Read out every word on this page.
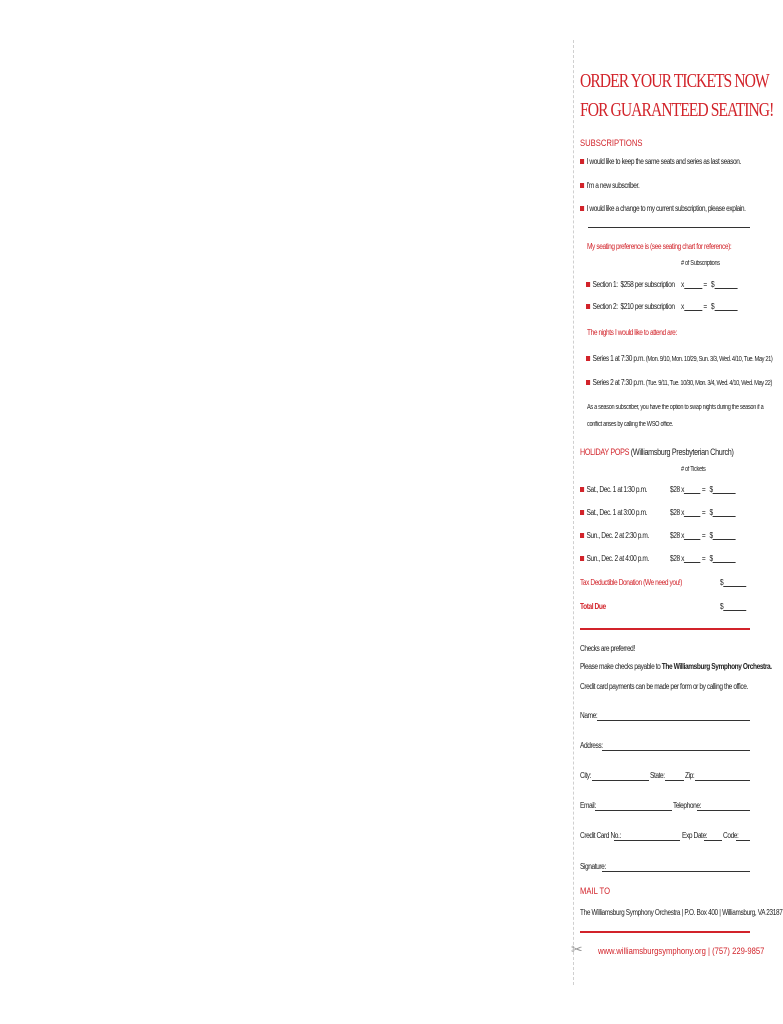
ORDER YOUR TICKETS NOW
FOR GUARANTEED SEATING!
SUBSCRIPTIONS
I would like to keep the same seats and series as last season.
I'm a new subscriber.
I would like a change to my current subscription, please explain.
My seating preference is (see seating chart for reference):
# of Subscriptions
Section 1: $258 per subscription x = $
Section 2: $210 per subscription x = $
The nights I would like to attend are:
Series 1 at 7:30 p.m. (Mon. 9/10, Mon. 10/29, Sun. 3/3, Wed. 4/10, Tue. May 21)
Series 2 at 7:30 p.m. (Tue. 9/11, Tue. 10/30, Mon. 3/4, Wed. 4/10, Wed. May 22)
As a season subscriber, you have the option to swap nights during the season if a
conflict arises by calling the WSO office.
HOLIDAY POPS (Williamsburg Presbyterian Church)
# of Tickets
Sat., Dec. 1 at 1:30 p.m.	$28 x = $
Sat., Dec. 1 at 3:00 p.m.	$28 x = $
Sun., Dec. 2 at 2:30 p.m.	$28 x = $
Sun., Dec. 2 at 4:00 p.m.	$28 x = $
Tax Deductible Donation (We need you!)	$
Total Due	$
Checks are preferred!
Please make checks payable to The Williamsburg Symphony Orchestra.
Credit card payments can be made per form or by calling the office.
Name:
Address:
City:	State:	Zip:
Email:	Telephone:
Credit Card No.:	Exp Date: Code:
Signature:
MAIL TO
The Williamsburg Symphony Orchestra | P.O. Box 400 | Williamsburg, VA 23187
✂ www.williamsburgsymphony.org | (757) 229-9857
